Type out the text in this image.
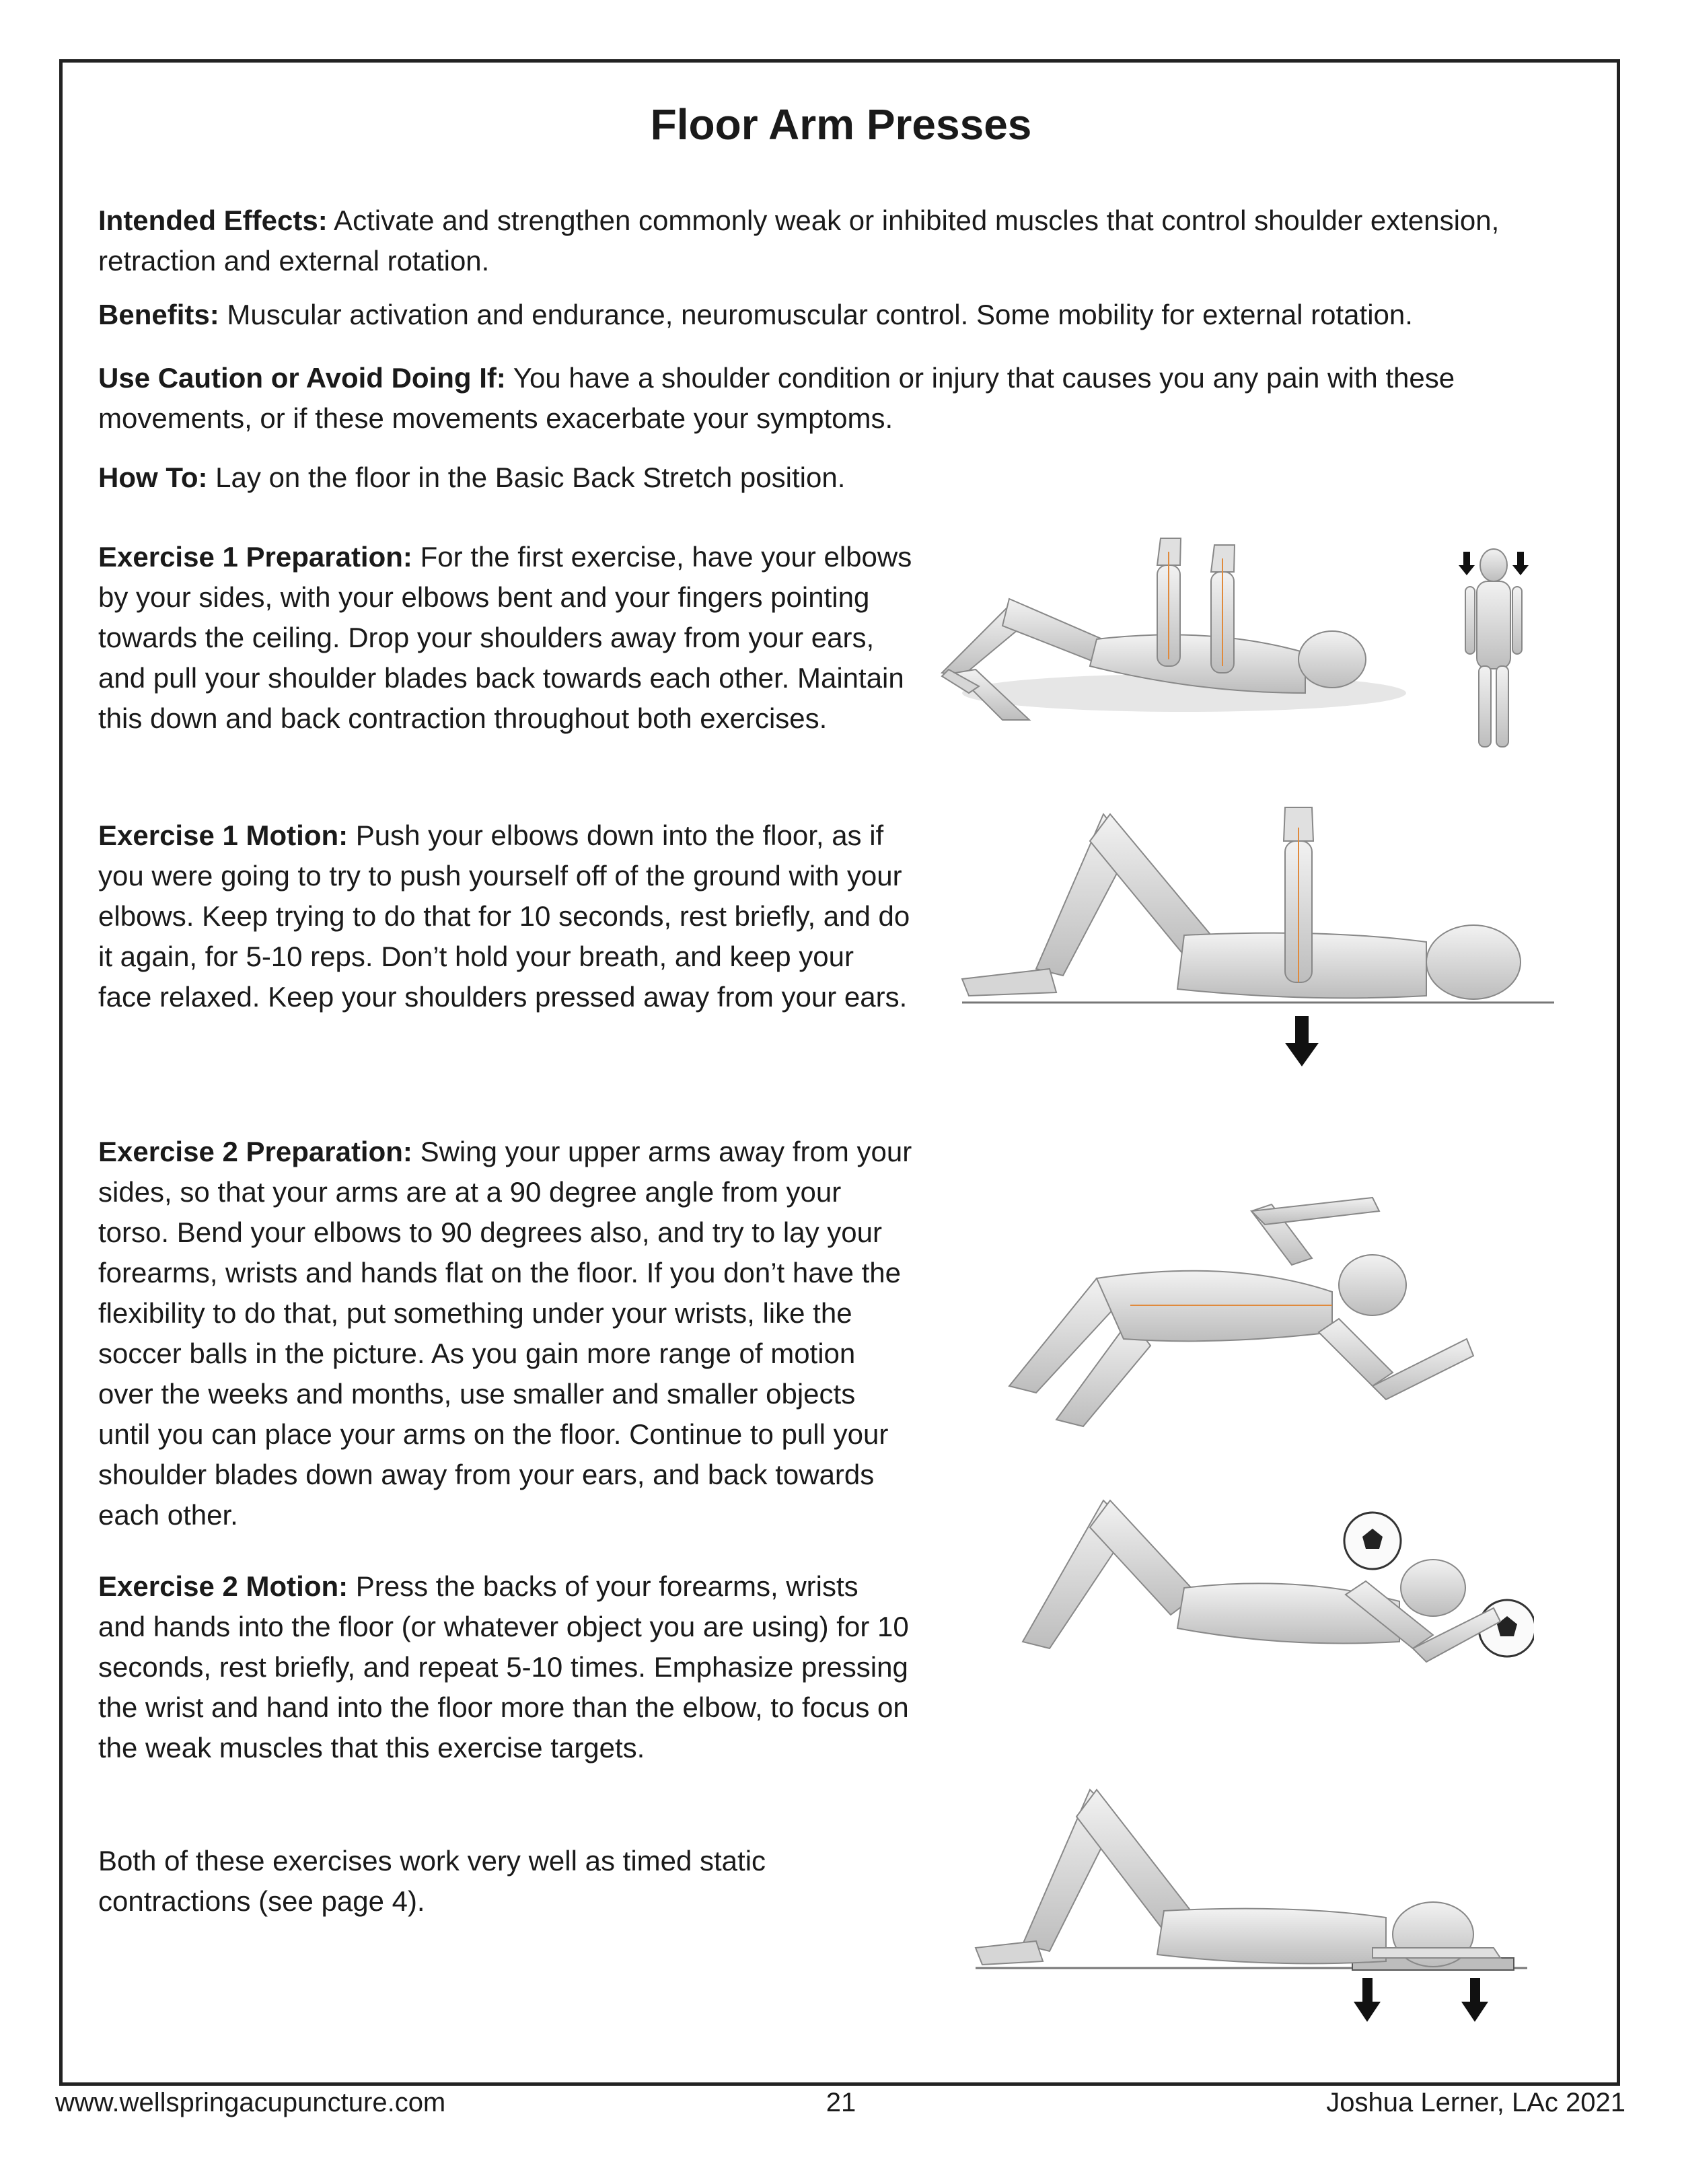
Floor Arm Presses

Intended Effects: Activate and strengthen commonly weak or inhibited muscles that control shoulder extension, retraction and external rotation.

Benefits: Muscular activation and endurance, neuromuscular control. Some mobility for external rotation.

Use Caution or Avoid Doing If: You have a shoulder condition or injury that causes you any pain with these movements, or if these movements exacerbate your symptoms.

How To: Lay on the floor in the Basic Back Stretch position.

Exercise 1 Preparation: For the first exercise, have your elbows by your sides, with your elbows bent and your fingers pointing towards the ceiling. Drop your shoulders away from your ears, and pull your shoulder blades back towards each other. Maintain this down and back contraction throughout both exercises.

Exercise 1 Motion: Push your elbows down into the floor, as if you were going to try to push yourself off of the ground with your elbows. Keep trying to do that for 10 seconds, rest briefly, and do it again, for 5-10 reps. Don’t hold your breath, and keep your face relaxed. Keep your shoulders pressed away from your ears.

Exercise 2 Preparation: Swing your upper arms away from your sides, so that your arms are at a 90 degree angle from your torso. Bend your elbows to 90 degrees also, and try to lay your forearms, wrists and hands flat on the floor. If you don’t have the flexibility to do that, put something under your wrists, like the soccer balls in the picture. As you gain more range of motion over the weeks and months, use smaller and smaller objects until you can place your arms on the floor. Continue to pull your shoulder blades down away from your ears, and back towards each other.

Exercise 2 Motion: Press the backs of your forearms, wrists and hands into the floor (or whatever object you are using) for 10 seconds, rest briefly, and repeat 5-10 times. Emphasize pressing the wrist and hand into the floor more than the elbow, to focus on the weak muscles that this exercise targets.

Both of these exercises work very well as timed static contractions (see page 4).

www.wellspringacupuncture.com	21	Joshua Lerner, LAc 2021
